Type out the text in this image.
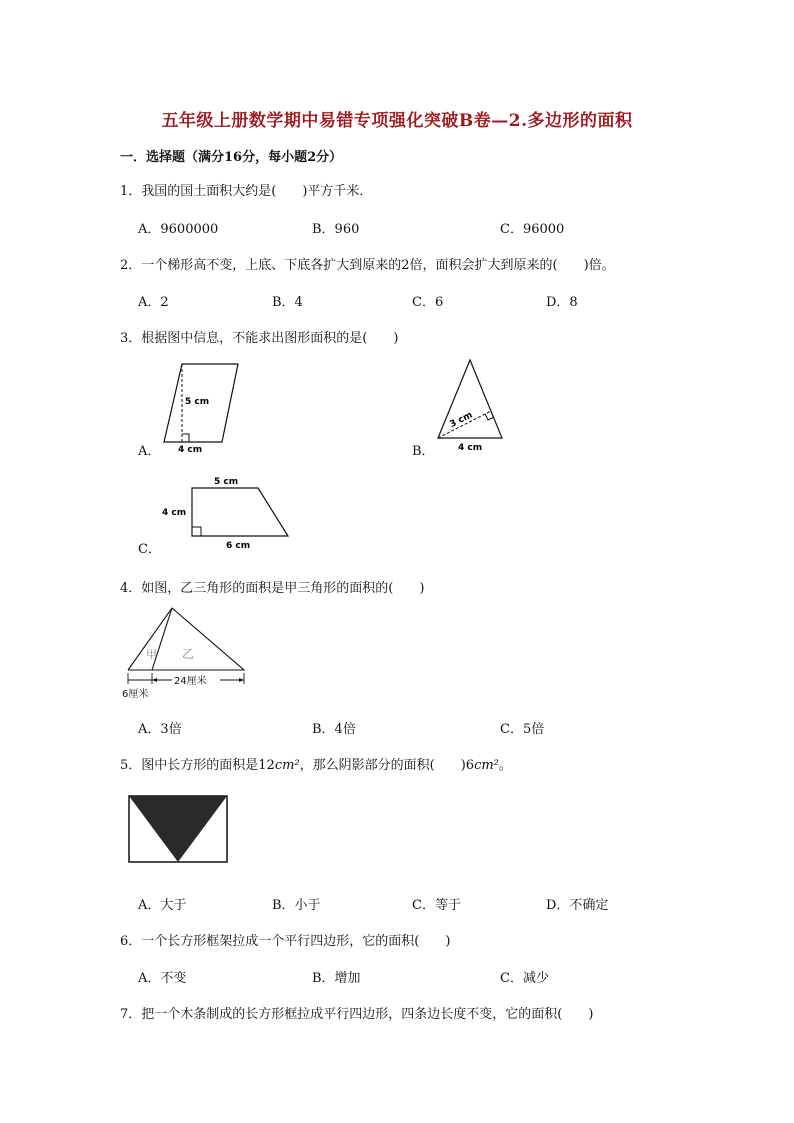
五年级上册数学期中易错专项强化突破B卷—2.多边形的面积
一．选择题（满分16分，每小题2分）
1．我国的国土面积大约是(　　)平方千米．
A．9600000	B．960	C．96000
2．一个梯形高不变，上底、下底各扩大到原来的2倍，面积会扩大到原来的(　　)倍。
A．2	B．4	C．6	D．8
3．根据图中信息，不能求出图形面积的是(　　)
5 cm
4 cm
A．
3 cm
4 cm
B．
5 cm
4 cm
6 cm
C．
4．如图，乙三角形的面积是甲三角形的面积的(　　)
甲 乙
24厘米
6厘米
A．3倍	B．4倍	C．5倍
5．图中长方形的面积是12cm²，那么阴影部分的面积(　　)6cm²。
A．大于	B．小于	C．等于	D．不确定
6．一个长方形框架拉成一个平行四边形，它的面积(　　)
A．不变	B．增加	C．减少
7．把一个木条制成的长方形框拉成平行四边形，四条边长度不变，它的面积(　　)
